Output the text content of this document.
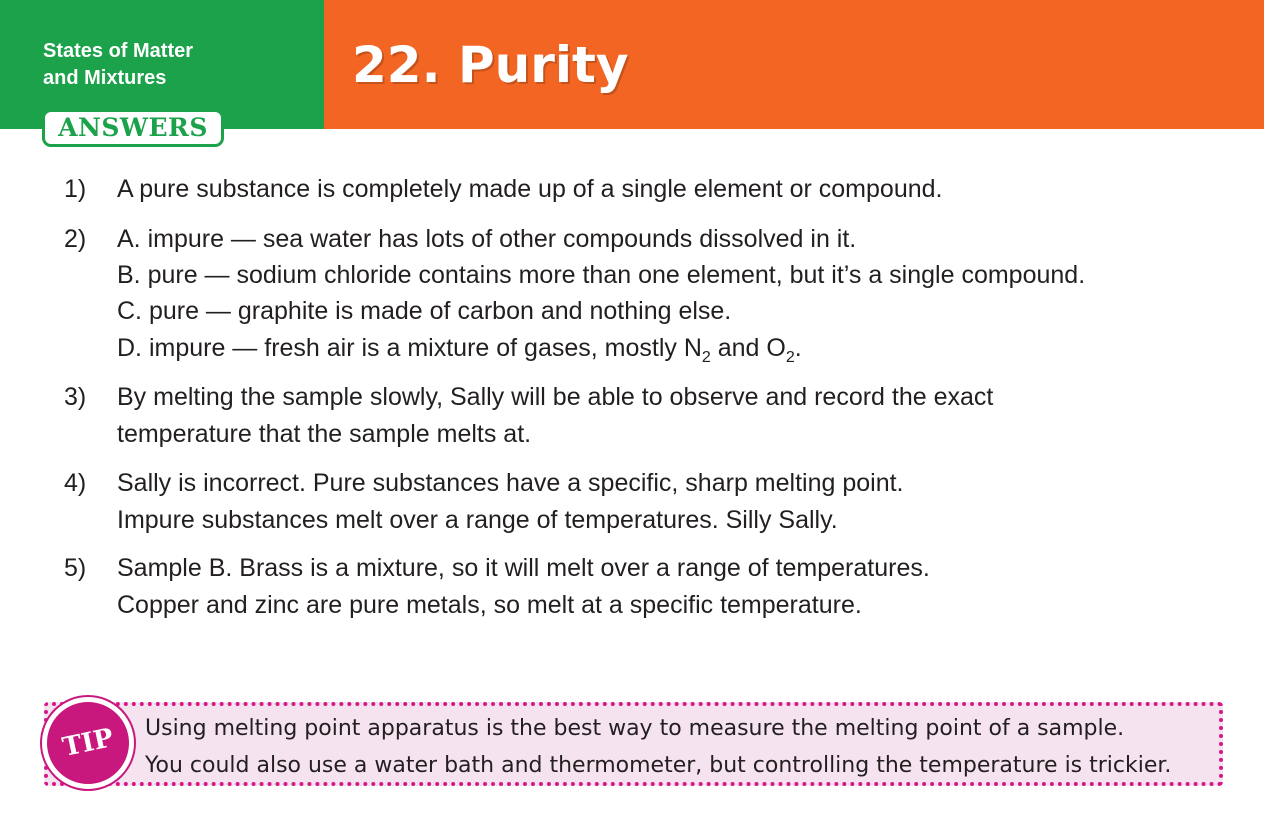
States of Matter
and Mixtures

ANSWERS
22. Purity
1) A pure substance is completely made up of a single element or compound.
2) A. impure — sea water has lots of other compounds dissolved in it.
B. pure — sodium chloride contains more than one element, but it’s a single compound.
C. pure — graphite is made of carbon and nothing else.
D. impure — fresh air is a mixture of gases, mostly $N_2$ and $O_2$.
3) By melting the sample slowly, Sally will be able to observe and record the exact
temperature that the sample melts at.
4) Sally is incorrect. Pure substances have a specific, sharp melting point.
Impure substances melt over a range of temperatures. Silly Sally.
5) Sample B. Brass is a mixture, so it will melt over a range of temperatures.
Copper and zinc are pure metals, so melt at a specific temperature.
TIP	Using melting point apparatus is the best way to measure the melting point of a sample.
You could also use a water bath and thermometer, but controlling the temperature is trickier.
